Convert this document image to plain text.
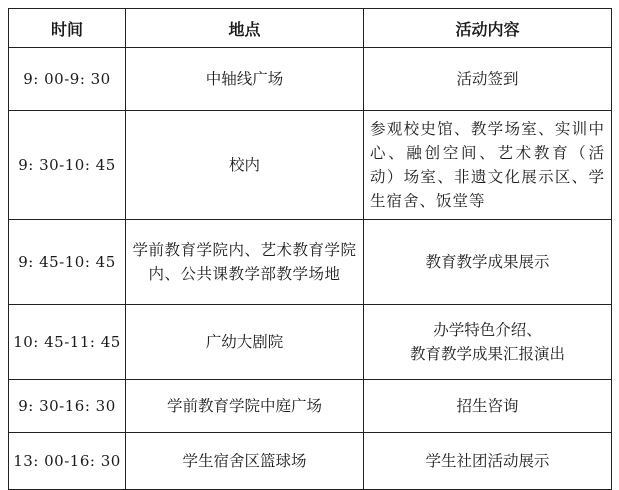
时间	地点	活动内容
9: 00-9: 30	中轴线广场	活动签到
9: 30-10: 45	校内	参观校史馆、教学场室、实训中心、融创空间、艺术教育（活动）场室、非遗文化展示区、学生宿舍、饭堂等
9: 45-10: 45	学前教育学院内、艺术教育学院内、公共课教学部教学场地	教育教学成果展示
10: 45-11: 45	广幼大剧院	办学特色介绍、
教育教学成果汇报演出
9: 30-16: 30	学前教育学院中庭广场	招生咨询
13: 00-16: 30	学生宿舍区篮球场	学生社团活动展示
